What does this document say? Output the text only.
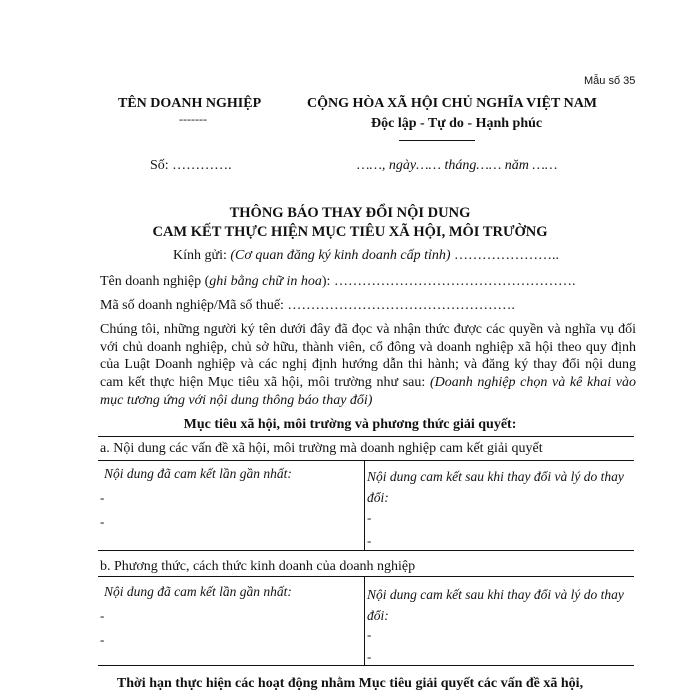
Mẫu số 35
TÊN DOANH NGHIỆP
-------
CỘNG HÒA XÃ HỘI CHỦ NGHĨA VIỆT NAM
Độc lập - Tự do - Hạnh phúc
Số: ………….	……, ngày…… tháng…… năm ……
THÔNG BÁO THAY ĐỔI NỘI DUNG
CAM KẾT THỰC HIỆN MỤC TIÊU XÃ HỘI, MÔI TRƯỜNG
Kính gửi: (Cơ quan đăng ký kinh doanh cấp tỉnh) …………………..
Tên doanh nghiệp (ghi bằng chữ in hoa): …………………………………………….
Mã số doanh nghiệp/Mã số thuế: ………………………………………….
Chúng tôi, những người ký tên dưới đây đã đọc và nhận thức được các quyền và nghĩa vụ đối với chủ doanh nghiệp, chủ sở hữu, thành viên, cổ đông và doanh nghiệp xã hội theo quy định của Luật Doanh nghiệp và các nghị định hướng dẫn thi hành; và đăng ký thay đổi nội dung cam kết thực hiện Mục tiêu xã hội, môi trường như sau: (Doanh nghiệp chọn và kê khai vào mục tương ứng với nội dung thông báo thay đổi)
Mục tiêu xã hội, môi trường và phương thức giải quyết:
a. Nội dung các vấn đề xã hội, môi trường mà doanh nghiệp cam kết giải quyết
Nội dung đã cam kết lần gần nhất:
-
-
Nội dung cam kết sau khi thay đổi và lý do thay đổi:
-
-
b. Phương thức, cách thức kinh doanh của doanh nghiệp
Nội dung đã cam kết lần gần nhất:
-
-
Nội dung cam kết sau khi thay đổi và lý do thay đổi:
-
-
Thời hạn thực hiện các hoạt động nhằm Mục tiêu giải quyết các vấn đề xã hội,
